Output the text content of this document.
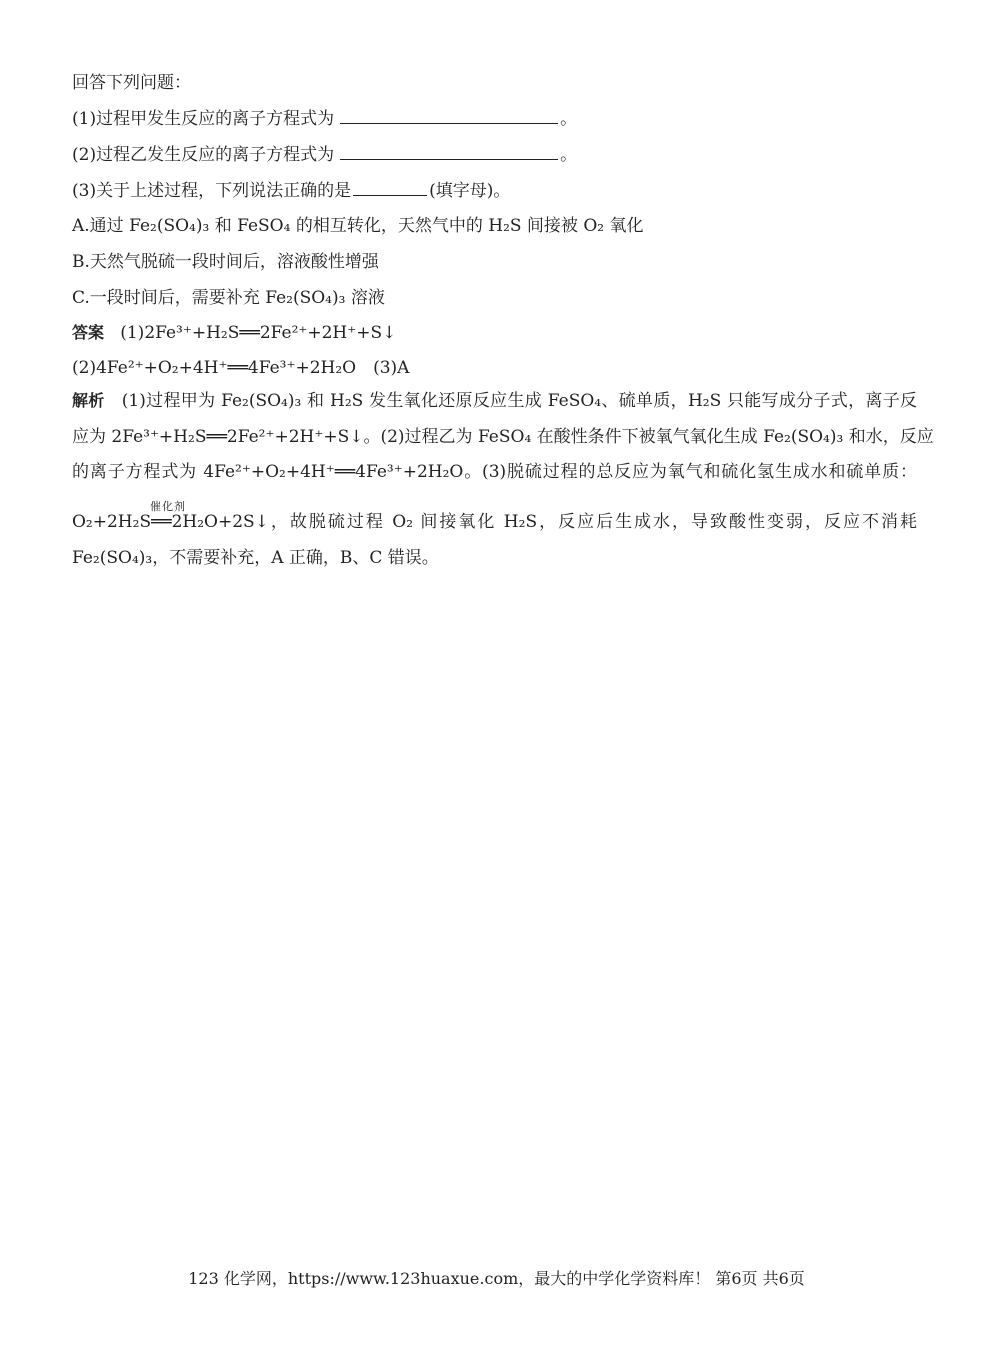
回答下列问题：
(1)过程甲发生反应的离子方程式为	。
(2)过程乙发生反应的离子方程式为	。
(3)关于上述过程，下列说法正确的是	(填字母)。
A.通过 Fe₂(SO₄)₃ 和 FeSO₄ 的相互转化，天然气中的 H₂S 间接被 O₂ 氧化
B.天然气脱硫一段时间后，溶液酸性增强
C.一段时间后，需要补充 Fe₂(SO₄)₃ 溶液
答案 (1)2Fe³⁺+H₂S══2Fe²⁺+2H⁺+S↓
(2)4Fe²⁺+O₂+4H⁺══4Fe³⁺+2H₂O　(3)A
解析 (1)过程甲为 Fe₂(SO₄)₃ 和 H₂S 发生氧化还原反应生成 FeSO₄、硫单质，H₂S 只能写成分子式，离子反
应为 2Fe³⁺+H₂S══2Fe²⁺+2H⁺+S↓。(2)过程乙为 FeSO₄ 在酸性条件下被氧气氧化生成 Fe₂(SO₄)₃ 和水，反应
的离子方程式为 4Fe²⁺+O₂+4H⁺══4Fe³⁺+2H₂O。(3)脱硫过程的总反应为氧气和硫化氢生成水和硫单质：
催化剂
O₂+2H₂S══2H₂O+2S↓，故脱硫过程 O₂ 间接氧化 H₂S，反应后生成水，导致酸性变弱，反应不消耗
Fe₂(SO₄)₃，不需要补充，A 正确，B、C 错误。
123 化学网，https://www.123huaxue.com，最大的中学化学资料库！ 第6页 共6页
